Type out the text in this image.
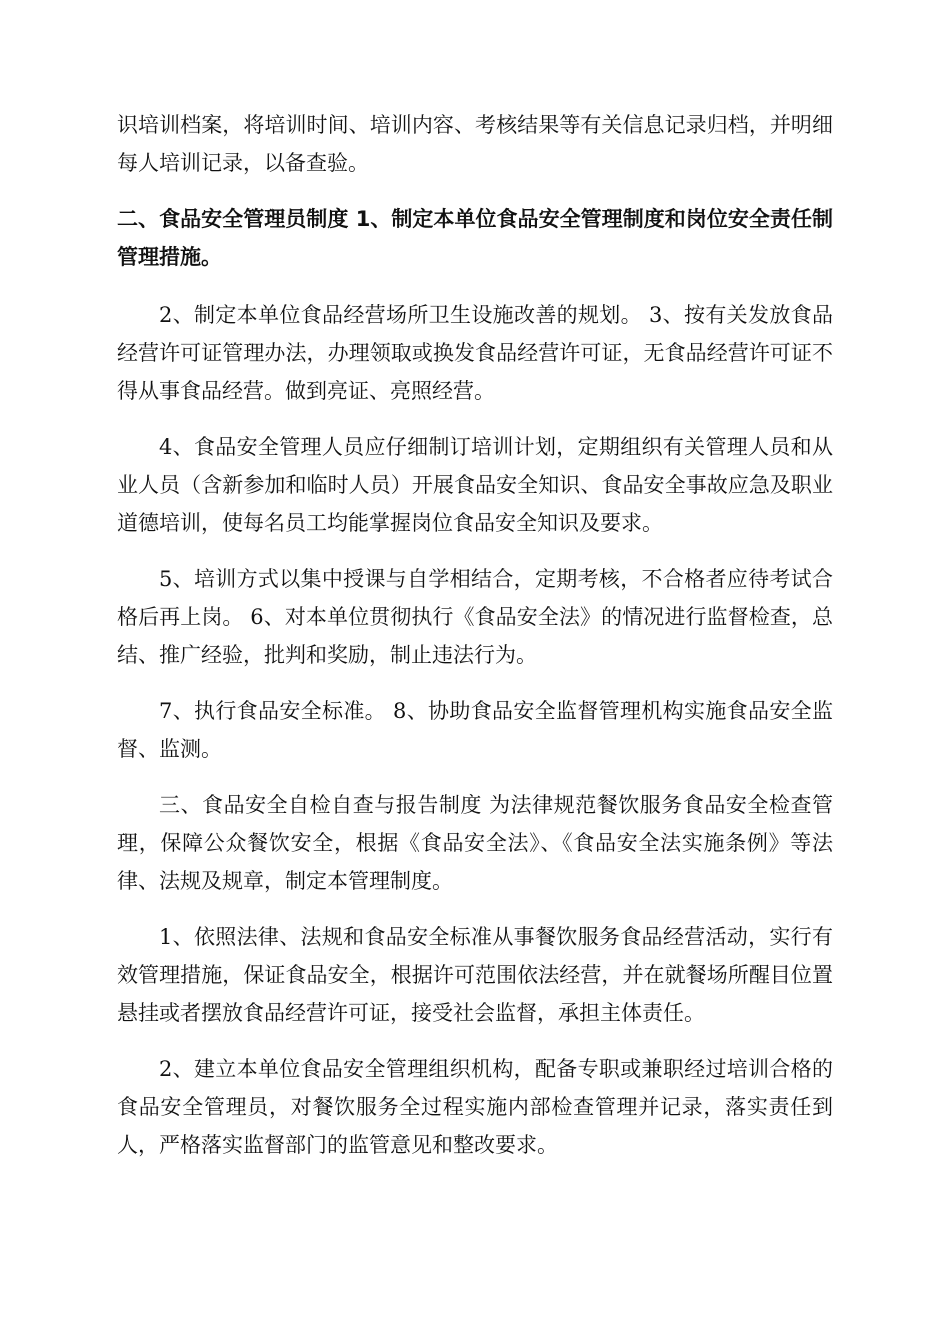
识培训档案，将培训时间、培训内容、考核结果等有关信息记录归档，并明细每人培训记录，以备查验。

二、食品安全管理员制度 1、制定本单位食品安全管理制度和岗位安全责任制管理措施。

2、制定本单位食品经营场所卫生设施改善的规划。 3、按有关发放食品经营许可证管理办法，办理领取或换发食品经营许可证，无食品经营许可证不得从事食品经营。做到亮证、亮照经营。

4、食品安全管理人员应仔细制订培训计划，定期组织有关管理人员和从业人员（含新参加和临时人员）开展食品安全知识、食品安全事故应急及职业道德培训，使每名员工均能掌握岗位食品安全知识及要求。

5、培训方式以集中授课与自学相结合，定期考核，不合格者应待考试合格后再上岗。 6、对本单位贯彻执行《食品安全法》的情况进行监督检查，总结、推广经验，批判和奖励，制止违法行为。

7、执行食品安全标准。 8、协助食品安全监督管理机构实施食品安全监督、监测。

三、食品安全自检自查与报告制度 为法律规范餐饮服务食品安全检查管理，保障公众餐饮安全，根据《食品安全法》、《食品安全法实施条例》等法律、法规及规章，制定本管理制度。

1、依照法律、法规和食品安全标准从事餐饮服务食品经营活动，实行有效管理措施，保证食品安全，根据许可范围依法经营，并在就餐场所醒目位置悬挂或者摆放食品经营许可证，接受社会监督，承担主体责任。

2、建立本单位食品安全管理组织机构，配备专职或兼职经过培训合格的食品安全管理员，对餐饮服务全过程实施内部检查管理并记录，落实责任到人，严格落实监督部门的监管意见和整改要求。
